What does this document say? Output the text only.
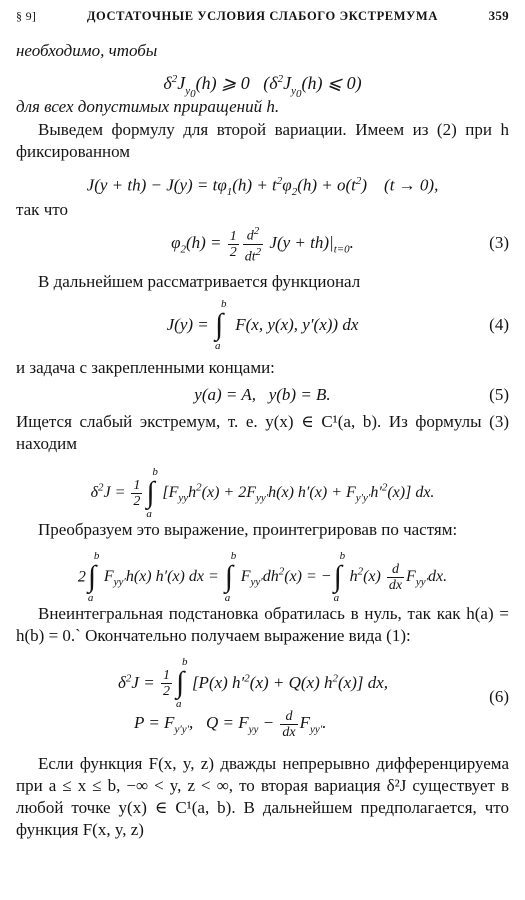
§ 9]	ДОСТАТОЧНЫЕ УСЛОВИЯ СЛАБОГО ЭКСТРЕМУМА	359
необходимо, чтобы
$\delta^2J_{y_0}(h)$ ⩾ 0   ($\delta^2J_{y_0}(h)$ ⩽ 0)
для всех допустимых приращений h.
Выведем формулу для второй вариации. Имеем из (2) при h фиксированном
$J(y + th) - J(y) = t\varphi_1(h) + t^2\varphi_2(h) + o(t^2)$    (t → 0),
так что
$\varphi_2(h) = \frac{1}{2} \frac{d^2}{dt^2} J(y + th)|_{t=0}$.	(3)
В дальнейшем рассматривается функционал
J(y) =
b
∫
a
F(x, y(x), y′(x)) dx	(4)
и задача с закрепленными концами:
y(a) = A,   y(b) = B.	(5)
Ищется слабый экстремум, т. е. y(x) ∈ C¹(a, b). Из формулы (3) находим
$\delta^2J = \frac{1}{2}$
b
∫
a
$[F_{yy}h^2(x) + 2F_{yy'}h(x) h'(x) + F_{y'y'}h'^2(x)]$ dx.
Преобразуем это выражение, проинтегрировав по частям:
2
b
∫
a
$F_{yy'}h(x)$ h′(x) dx =
b
∫
a
$F_{yy'}dh^2(x)$ = −
b
∫
a
$h^2(x) \frac{d}{dx} F_{yy'}dx$.
Внеинтегральная подстановка обратилась в нуль, так как h(a) = h(b) = 0.` Окончательно получаем выражение вида (1):
$\delta^2J = \frac{1}{2}$
b
∫
a
[P(x) $h'^2(x) + Q(x)$ $h^2(x)$] dx,
$P = F_{y'y'}$,   $Q = F_{yy} - \frac{d}{dx} F_{yy'}$.
(6)
Если функция F(x, y, z) дважды непрерывно дифференцируема при a ≤ x ≤ b, −∞ < y, z < ∞, то вторая вариация δ²J существует в любой точке y(x) ∈ C¹(a, b). В дальнейшем предполагается, что функция F(x, y, z)
